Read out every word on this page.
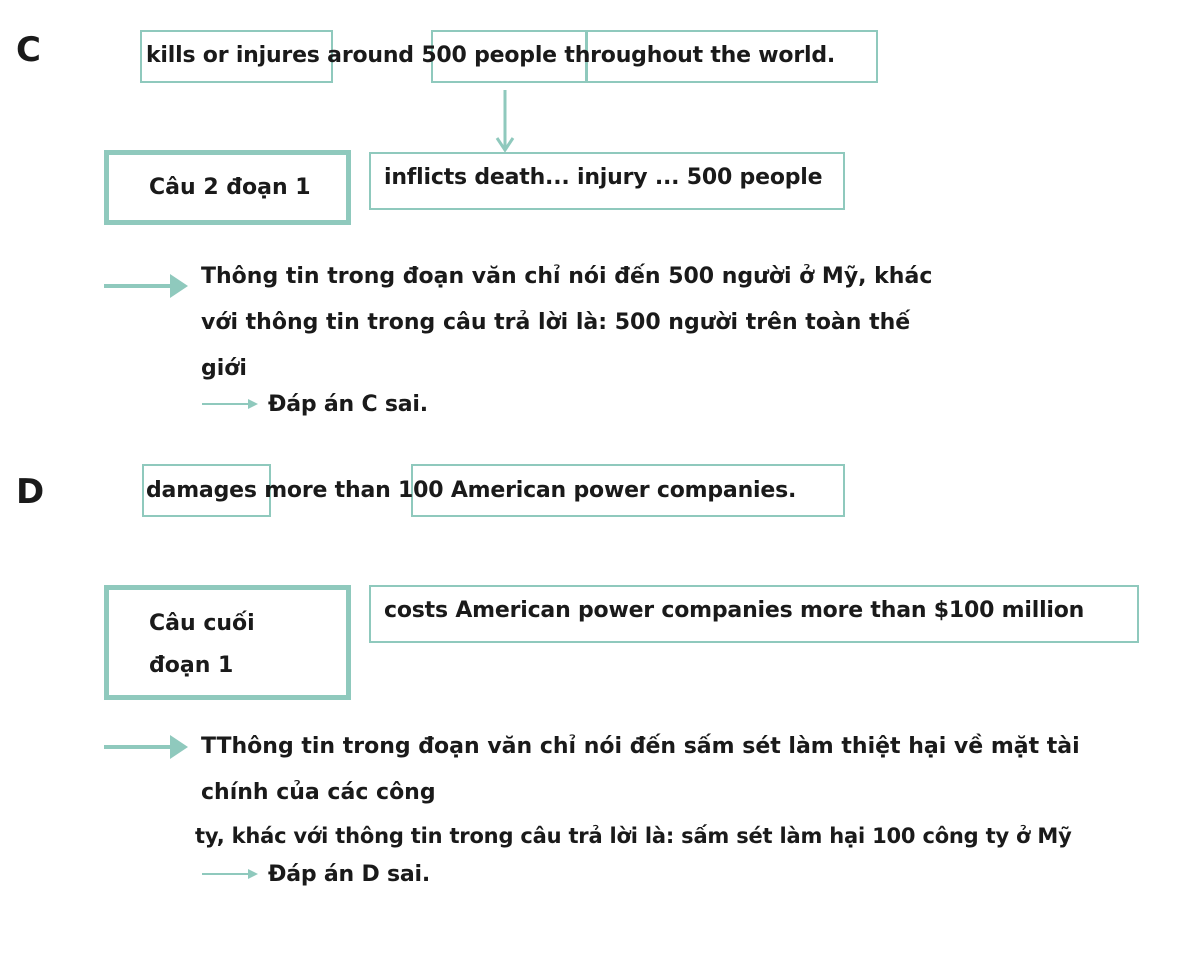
C	kills or injures around 500 people throughout the world.
Câu 2 đoạn 1	inflicts death... injury ... 500 people
Thông tin trong đoạn văn chỉ nói đến 500 người ở Mỹ, khác
với thông tin trong câu trả lời là: 500 người trên toàn thế
giới
Đáp án C sai.
D	damages more than 100 American power companies.
Câu cuối
đoạn 1
costs American power companies more than $100 million
TThông tin trong đoạn văn chỉ nói đến sấm sét làm thiệt hại về mặt tài
chính của các công
ty, khác với thông tin trong câu trả lời là: sấm sét làm hại 100 công ty ở Mỹ
Đáp án D sai.
